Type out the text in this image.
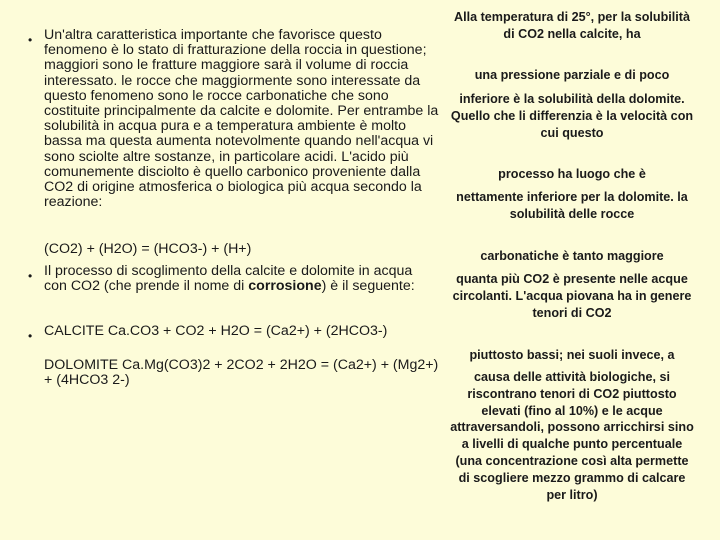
• Un'altra caratteristica importante che favorisce questo fenomeno è lo stato di fratturazione della roccia in questione; maggiori sono le fratture maggiore sarà il volume di roccia interessato. le rocce che maggiormente sono interessate da questo fenomeno sono le rocce carbonatiche che sono costituite principalmente da calcite e dolomite. Per entrambe la solubilità in acqua pura e a temperatura ambiente è molto bassa ma questa aumenta notevolmente quando nell'acqua vi sono sciolte altre sostanze, in particolare acidi. L'acido più comunemente disciolto è quello carbonico proveniente dalla CO2 di origine atmosferica o biologica più acqua secondo la reazione:
(CO2) + (H2O) = (HCO3-) + (H+)
• Il processo di scoglimento della calcite e dolomite in acqua con CO2 (che prende il nome di corrosione) è il seguente:
• CALCITE Ca.CO3 + CO2 + H2O = (Ca2+) + (2HCO3-)
DOLOMITE Ca.Mg(CO3)2 + 2CO2 + 2H2O = (Ca2+) + (Mg2+) + (4HCO3 2-)
Alla temperatura di 25°, per la solubilità di CO2 nella calcite, ha
una pressione parziale e di poco
inferiore è la solubilità della dolomite. Quello che li differenzia è la velocità con cui questo
processo ha luogo che è
nettamente inferiore per la dolomite. la solubilità delle rocce
carbonatiche è tanto maggiore
quanta più CO2 è presente nelle acque circolanti. L'acqua piovana ha in genere tenori di CO2
piuttosto bassi; nei suoli invece, a
causa delle attività biologiche, si riscontrano tenori di CO2 piuttosto elevati (fino al 10%) e le acque attraversandoli, possono arricchirsi sino a livelli di qualche punto percentuale (una concentrazione così alta permette di scogliere mezzo grammo di calcare per litro)
